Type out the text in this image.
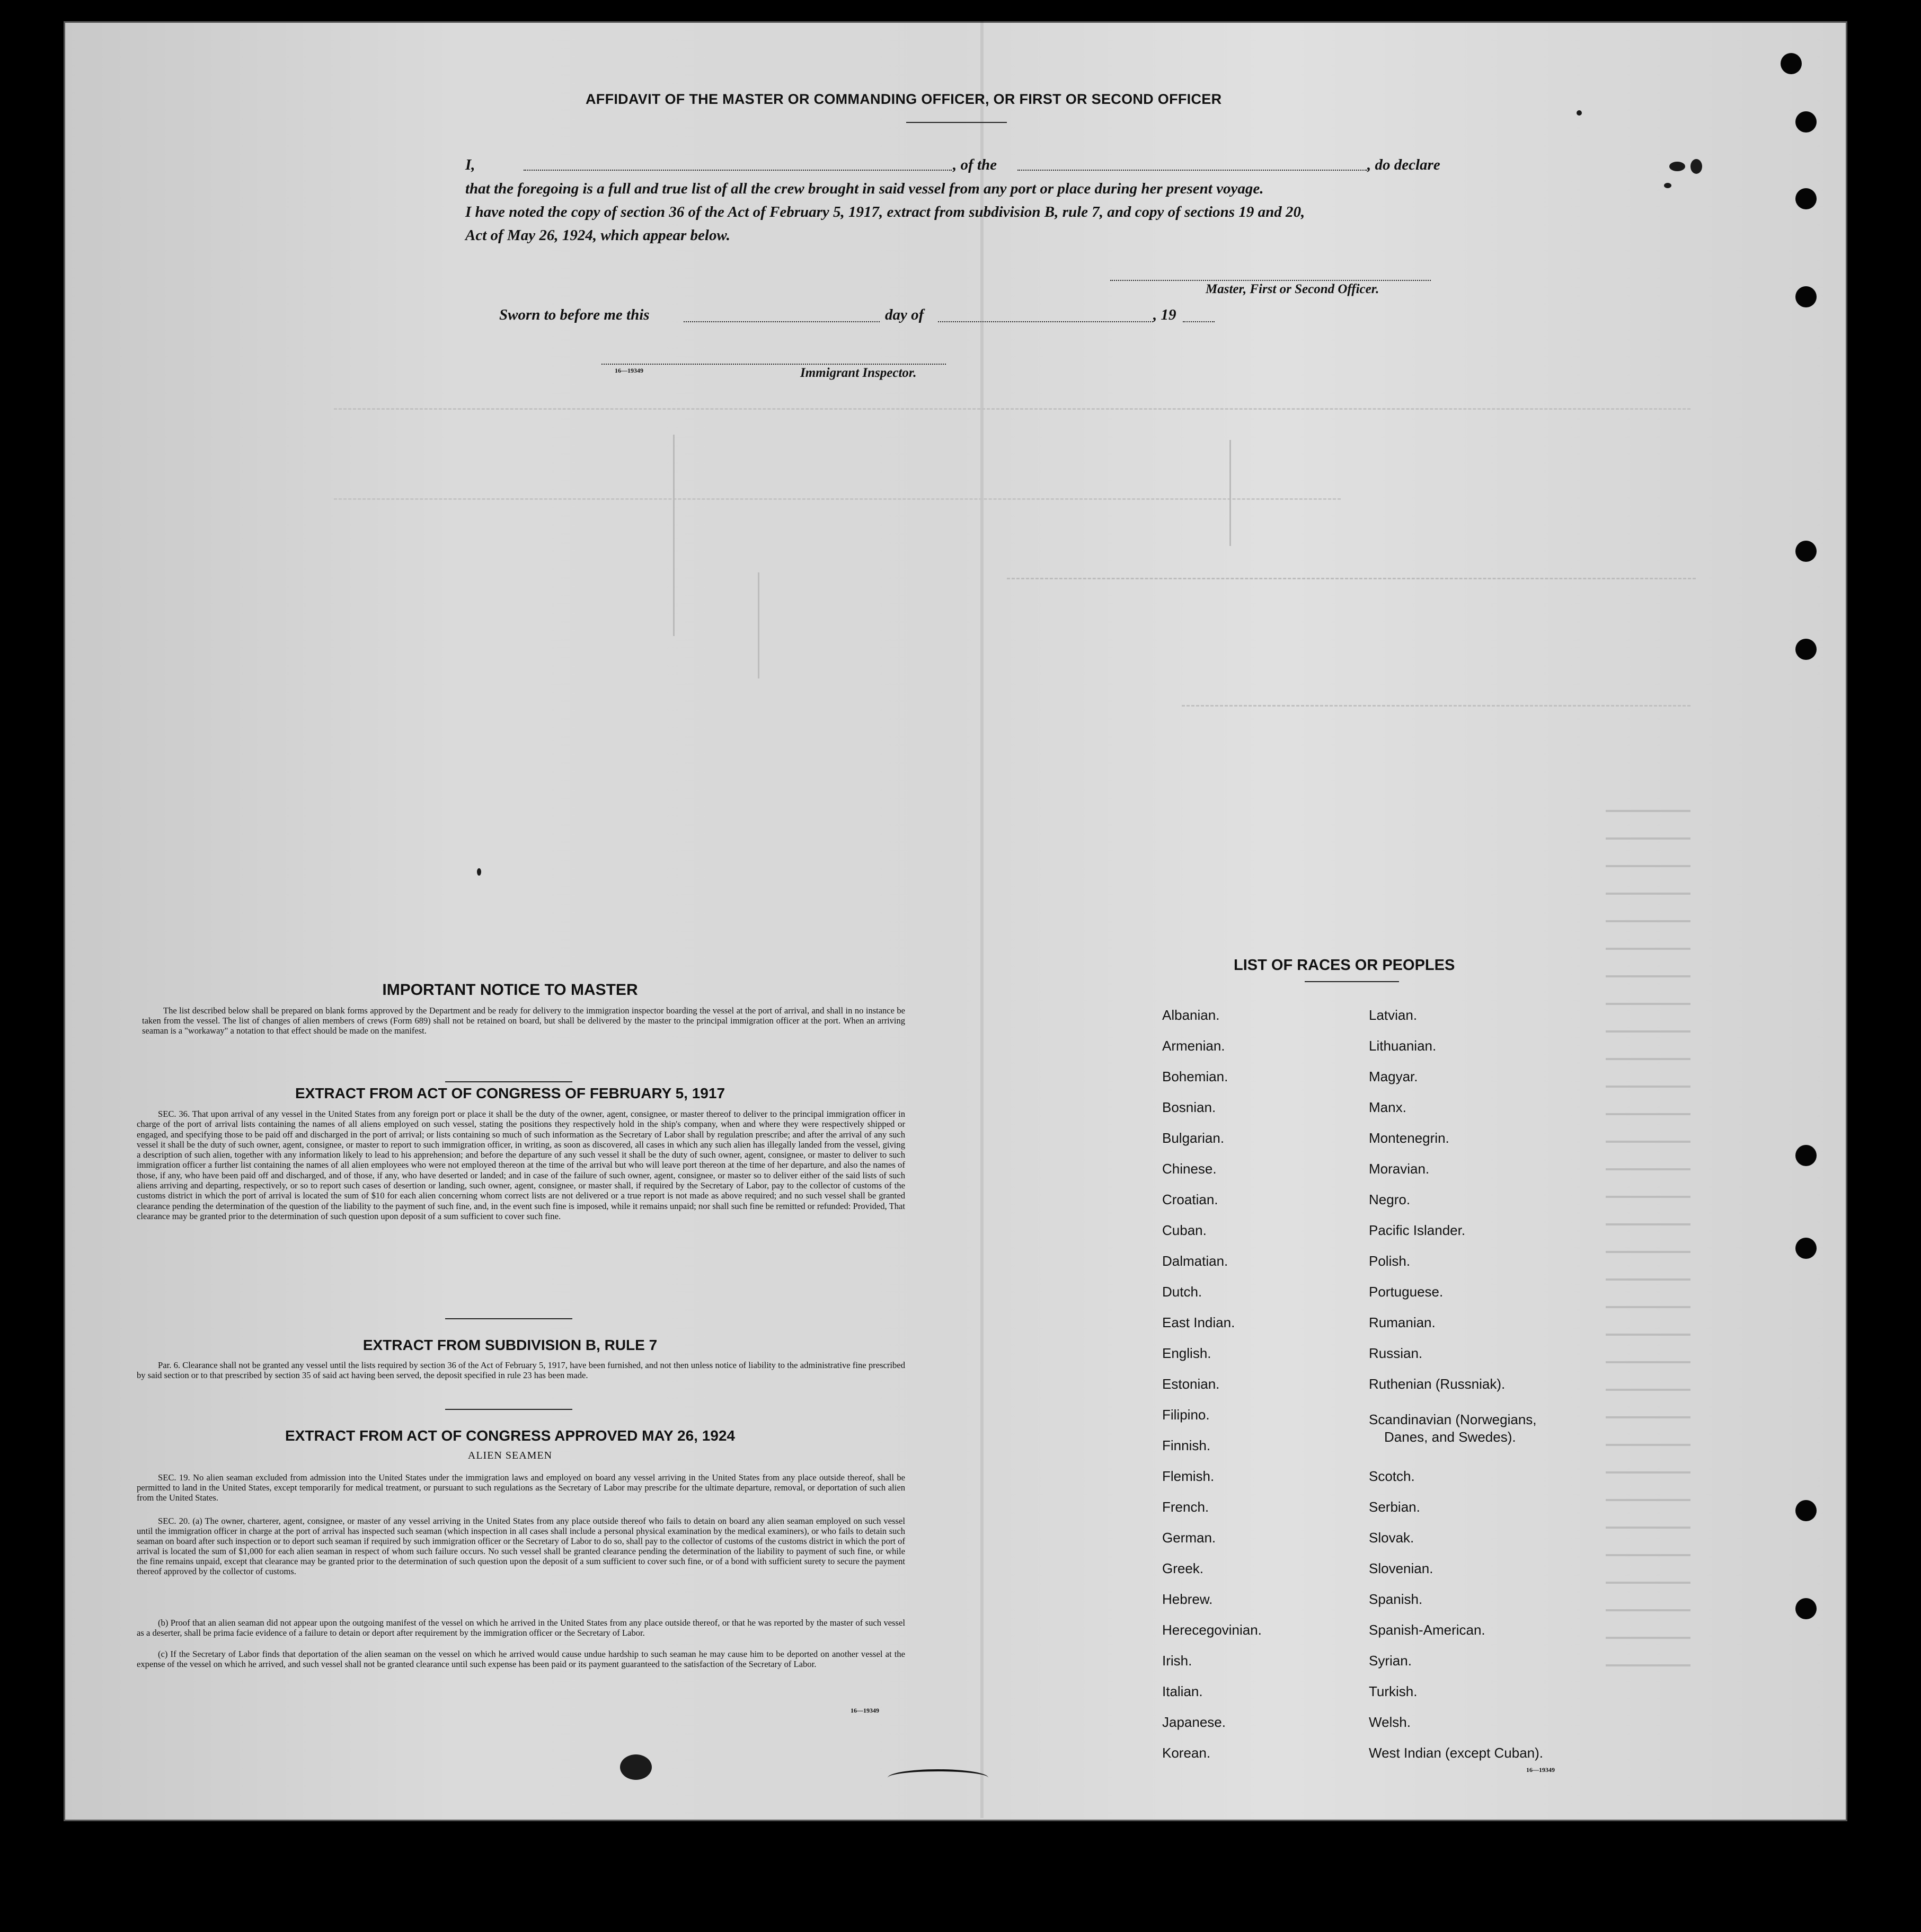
AFFIDAVIT OF THE MASTER OR COMMANDING OFFICER, OR FIRST OR SECOND OFFICER
I,	, of the	, do declare
that the foregoing is a full and true list of all the crew brought in said vessel from any port or place during her present voyage.
I have noted the copy of section 36 of the Act of February 5, 1917, extract from subdivision B, rule 7, and copy of sections 19 and 20,
Act of May 26, 1924, which appear below.
Master, First or Second Officer.
Sworn to before me this	day of	, 19
16—19349	Immigrant Inspector.
IMPORTANT NOTICE TO MASTER
The list described below shall be prepared on blank forms approved by the Department and be ready for delivery to the immigration inspector boarding the vessel at the port of arrival, and shall in no instance be taken from the vessel. The list of changes of alien members of crews (Form 689) shall not be retained on board, but shall be delivered by the master to the principal immigration officer at the port. When an arriving seaman is a "workaway" a notation to that effect should be made on the manifest.
EXTRACT FROM ACT OF CONGRESS OF FEBRUARY 5, 1917
SEC. 36. That upon arrival of any vessel in the United States from any foreign port or place it shall be the duty of the owner, agent, consignee, or master thereof to deliver to the principal immigration officer in charge of the port of arrival lists containing the names of all aliens employed on such vessel, stating the positions they respectively hold in the ship's company, when and where they were respectively shipped or engaged, and specifying those to be paid off and discharged in the port of arrival; or lists containing so much of such information as the Secretary of Labor shall by regulation prescribe; and after the arrival of any such vessel it shall be the duty of such owner, agent, consignee, or master to report to such immigration officer, in writing, as soon as discovered, all cases in which any such alien has illegally landed from the vessel, giving a description of such alien, together with any information likely to lead to his apprehension; and before the departure of any such vessel it shall be the duty of such owner, agent, consignee, or master to deliver to such immigration officer a further list containing the names of all alien employees who were not employed thereon at the time of the arrival but who will leave port thereon at the time of her departure, and also the names of those, if any, who have been paid off and discharged, and of those, if any, who have deserted or landed; and in case of the failure of such owner, agent, consignee, or master so to deliver either of the said lists of such aliens arriving and departing, respectively, or so to report such cases of desertion or landing, such owner, agent, consignee, or master shall, if required by the Secretary of Labor, pay to the collector of customs of the customs district in which the port of arrival is located the sum of $10 for each alien concerning whom correct lists are not delivered or a true report is not made as above required; and no such vessel shall be granted clearance pending the determination of the question of the liability to the payment of such fine, and, in the event such fine is imposed, while it remains unpaid; nor shall such fine be remitted or refunded: Provided, That clearance may be granted prior to the determination of such question upon deposit of a sum sufficient to cover such fine.
EXTRACT FROM SUBDIVISION B, RULE 7
Par. 6. Clearance shall not be granted any vessel until the lists required by section 36 of the Act of February 5, 1917, have been furnished, and not then unless notice of liability to the administrative fine prescribed by said section or to that prescribed by section 35 of said act having been served, the deposit specified in rule 23 has been made.
EXTRACT FROM ACT OF CONGRESS APPROVED MAY 26, 1924
ALIEN SEAMEN
SEC. 19. No alien seaman excluded from admission into the United States under the immigration laws and employed on board any vessel arriving in the United States from any place outside thereof, shall be permitted to land in the United States, except temporarily for medical treatment, or pursuant to such regulations as the Secretary of Labor may prescribe for the ultimate departure, removal, or deportation of such alien from the United States.
SEC. 20. (a) The owner, charterer, agent, consignee, or master of any vessel arriving in the United States from any place outside thereof who fails to detain on board any alien seaman employed on such vessel until the immigration officer in charge at the port of arrival has inspected such seaman (which inspection in all cases shall include a personal physical examination by the medical examiners), or who fails to detain such seaman on board after such inspection or to deport such seaman if required by such immigration officer or the Secretary of Labor to do so, shall pay to the collector of customs of the customs district in which the port of arrival is located the sum of $1,000 for each alien seaman in respect of whom such failure occurs. No such vessel shall be granted clearance pending the determination of the liability to payment of such fine, or while the fine remains unpaid, except that clearance may be granted prior to the determination of such question upon the deposit of a sum sufficient to cover such fine, or of a bond with sufficient surety to secure the payment thereof approved by the collector of customs.
(b) Proof that an alien seaman did not appear upon the outgoing manifest of the vessel on which he arrived in the United States from any place outside thereof, or that he was reported by the master of such vessel as a deserter, shall be prima facie evidence of a failure to detain or deport after requirement by the immigration officer or the Secretary of Labor.
(c) If the Secretary of Labor finds that deportation of the alien seaman on the vessel on which he arrived would cause undue hardship to such seaman he may cause him to be deported on another vessel at the expense of the vessel on which he arrived, and such vessel shall not be granted clearance until such expense has been paid or its payment guaranteed to the satisfaction of the Secretary of Labor.
16—19349
LIST OF RACES OR PEOPLES
Albanian.
Armenian.
Bohemian.
Bosnian.
Bulgarian.
Chinese.
Croatian.
Cuban.
Dalmatian.
Dutch.
East Indian.
English.
Estonian.
Filipino.
Finnish.
Flemish.
French.
German.
Greek.
Hebrew.
Herecegovinian.
Irish.
Italian.
Japanese.
Korean.
Latvian.
Lithuanian.
Magyar.
Manx.
Montenegrin.
Moravian.
Negro.
Pacific Islander.
Polish.
Portuguese.
Rumanian.
Russian.
Ruthenian (Russniak).
Scandinavian (Norwegians,
Danes, and Swedes).
Scotch.
Serbian.
Slovak.
Slovenian.
Spanish.
Spanish-American.
Syrian.
Turkish.
Welsh.
West Indian (except Cuban).
16—19349
